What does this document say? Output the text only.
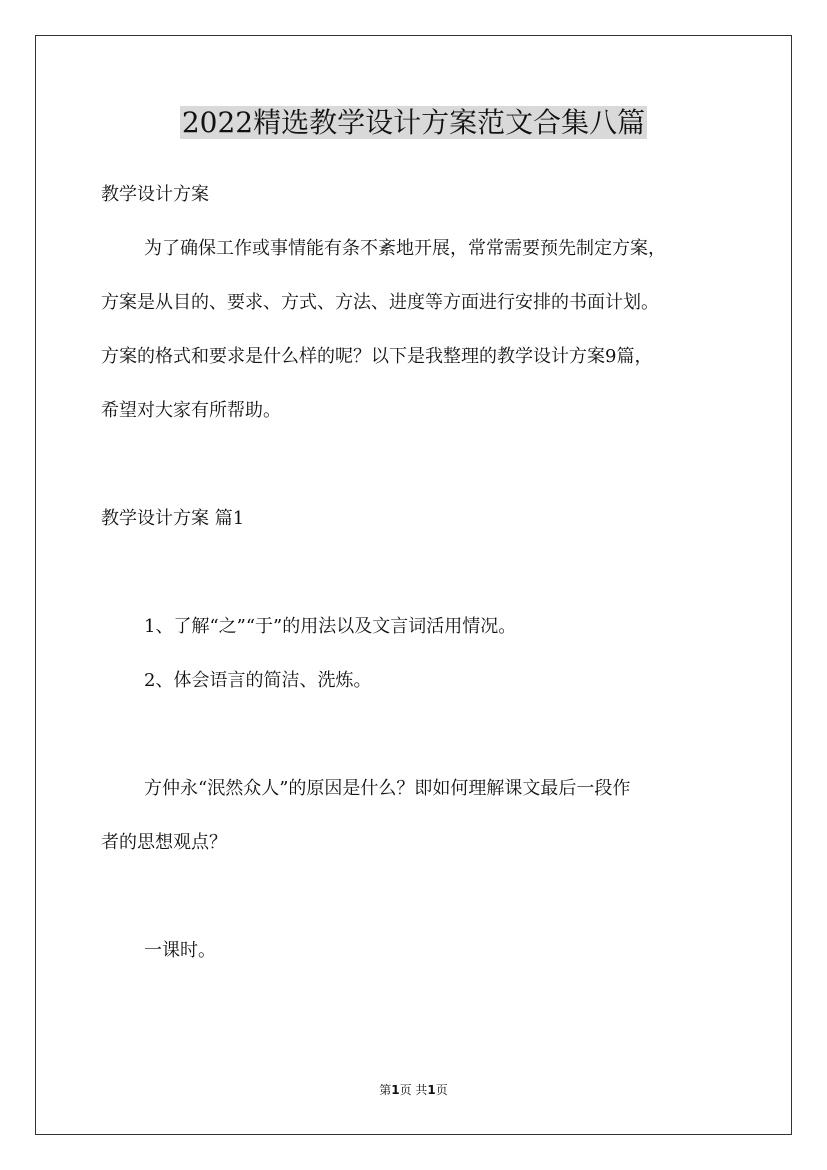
2022精选教学设计方案范文合集八篇

教学设计方案

为了确保工作或事情能有条不紊地开展，常常需要预先制定方案，

方案是从目的、要求、方式、方法、进度等方面进行安排的书面计划。

方案的格式和要求是什么样的呢？以下是我整理的教学设计方案9篇，

希望对大家有所帮助。

教学设计方案 篇1

1、了解“之”“于”的用法以及文言词活用情况。

2、体会语言的简洁、洗炼。

方仲永“泯然众人”的原因是什么？即如何理解课文最后一段作

者的思想观点？

一课时。

第1页 共1页
